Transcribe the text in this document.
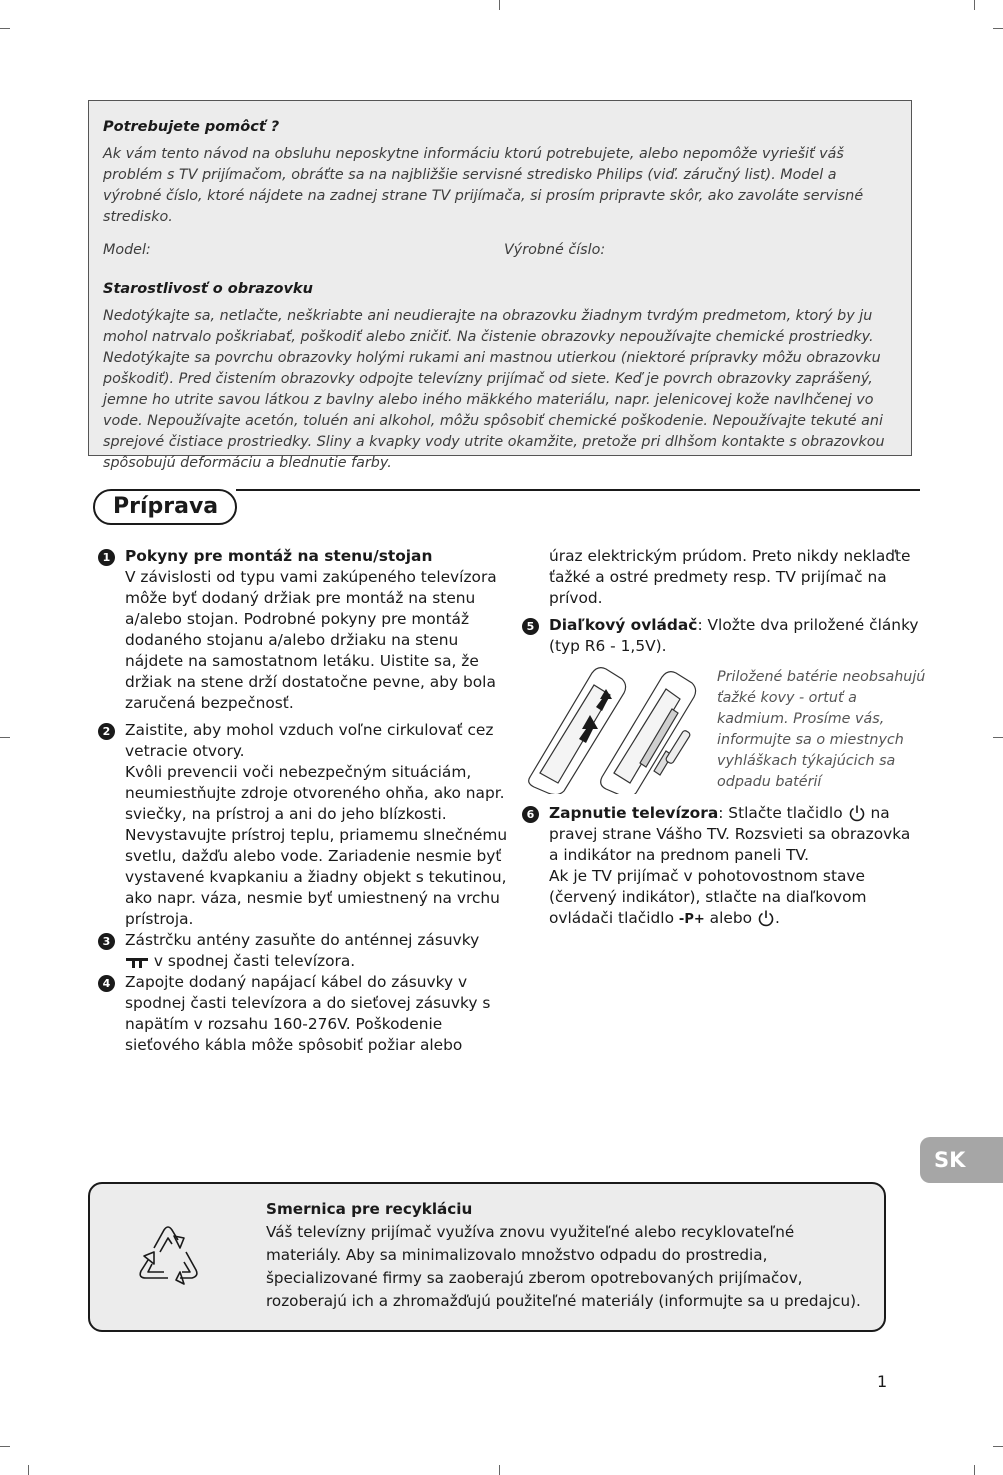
Potrebujete pomôcť ?

Ak vám tento návod na obsluhu neposkytne informáciu ktorú potrebujete, alebo nepomôže vyriešiť váš problém s TV prijímačom, obráťte sa na najbližšie servisné stredisko Philips (viď. záručný list). Model a výrobné číslo, ktoré nájdete na zadnej strane TV prijímača, si prosím pripravte skôr, ako zavoláte servisné stredisko.

Model:	Výrobné číslo:
Starostlivosť o obrazovku

Nedotýkajte sa, netlačte, neškriabte ani neudierajte na obrazovku žiadnym tvrdým predmetom, ktorý by ju mohol natrvalo poškriabať, poškodiť alebo zničiť. Na čistenie obrazovky nepoužívajte chemické prostriedky. Nedotýkajte sa povrchu obrazovky holými rukami ani mastnou utierkou (niektoré prípravky môžu obrazovku poškodiť). Pred čistením obrazovky odpojte televízny prijímač od siete. Keď je povrch obrazovky zaprášený, jemne ho utrite savou látkou z bavlny alebo iného mäkkého materiálu, napr. jelenicovej kože navlhčenej vo vode. Nepoužívajte acetón, toluén ani alkohol, môžu spôsobiť chemické poškodenie. Nepoužívajte tekuté ani sprejové čistiace prostriedky. Sliny a kvapky vody utrite okamžite, pretože pri dlhšom kontakte s obrazovkou spôsobujú deformáciu a blednutie farby.

Príprava
1 Pokyny pre montáž na stenu/stojan

V závislosti od typu vami zakúpeného televízora môže byť dodaný držiak pre montáž na stenu a/alebo stojan. Podrobné pokyny pre montáž dodaného stojanu a/alebo držiaku na stenu nájdete na samostatnom letáku. Uistite sa, že držiak na stene drží dostatočne pevne, aby bola zaručená bezpečnosť.

2 Zaistite, aby mohol vzduch voľne cirkulovať cez vetracie otvory.

Kvôli prevencii voči nebezpečným situáciám, neumiestňujte zdroje otvoreného ohňa, ako napr. sviečky, na prístroj a ani do jeho blízkosti. Nevystavujte prístroj teplu, priamemu slnečnému svetlu, dažďu alebo vode. Zariadenie nesmie byť vystavené kvapkaniu a žiadny objekt s tekutinou, ako napr. váza, nesmie byť umiestnený na vrchu prístroja.

3 Zástrčku antény zasuňte do anténnej zásuvky

v spodnej časti televízora.

4 Zapojte dodaný napájací kábel do zásuvky v spodnej časti televízora a do sieťovej zásuvky s napätím v rozsahu 160-276V. Poškodenie sieťového kábla môže spôsobiť požiar alebo

úraz elektrickým prúdom. Preto nikdy neklaďte ťažké a ostré predmety resp. TV prijímač na prívod.

5 Diaľkový ovládač: Vložte dva priložené články (typ R6 - 1,5V).

Priložené batérie neobsahujú ťažké kovy - ortuť a kadmium. Prosíme vás, informujte sa o miestnych vyhláškach týkajúcich sa odpadu batérií
6 Zapnutie televízora: Stlačte tlačidlo na pravej strane Vášho TV. Rozsvieti sa obrazovka a indikátor na prednom paneli TV.

Ak je TV prijímač v pohotovostnom stave (červený indikátor), stlačte na diaľkovom ovládači tlačidlo -P+ alebo .

SK
Smernica pre recykláciu
Váš televízny prijímač využíva znovu využiteľné alebo recyklovateľné materiály. Aby sa minimalizovalo množstvo odpadu do prostredia, špecializované firmy sa zaoberajú zberom opotrebovaných prijímačov, rozoberajú ich a zhromažďujú použiteľné materiály (informujte sa u predajcu).
1
